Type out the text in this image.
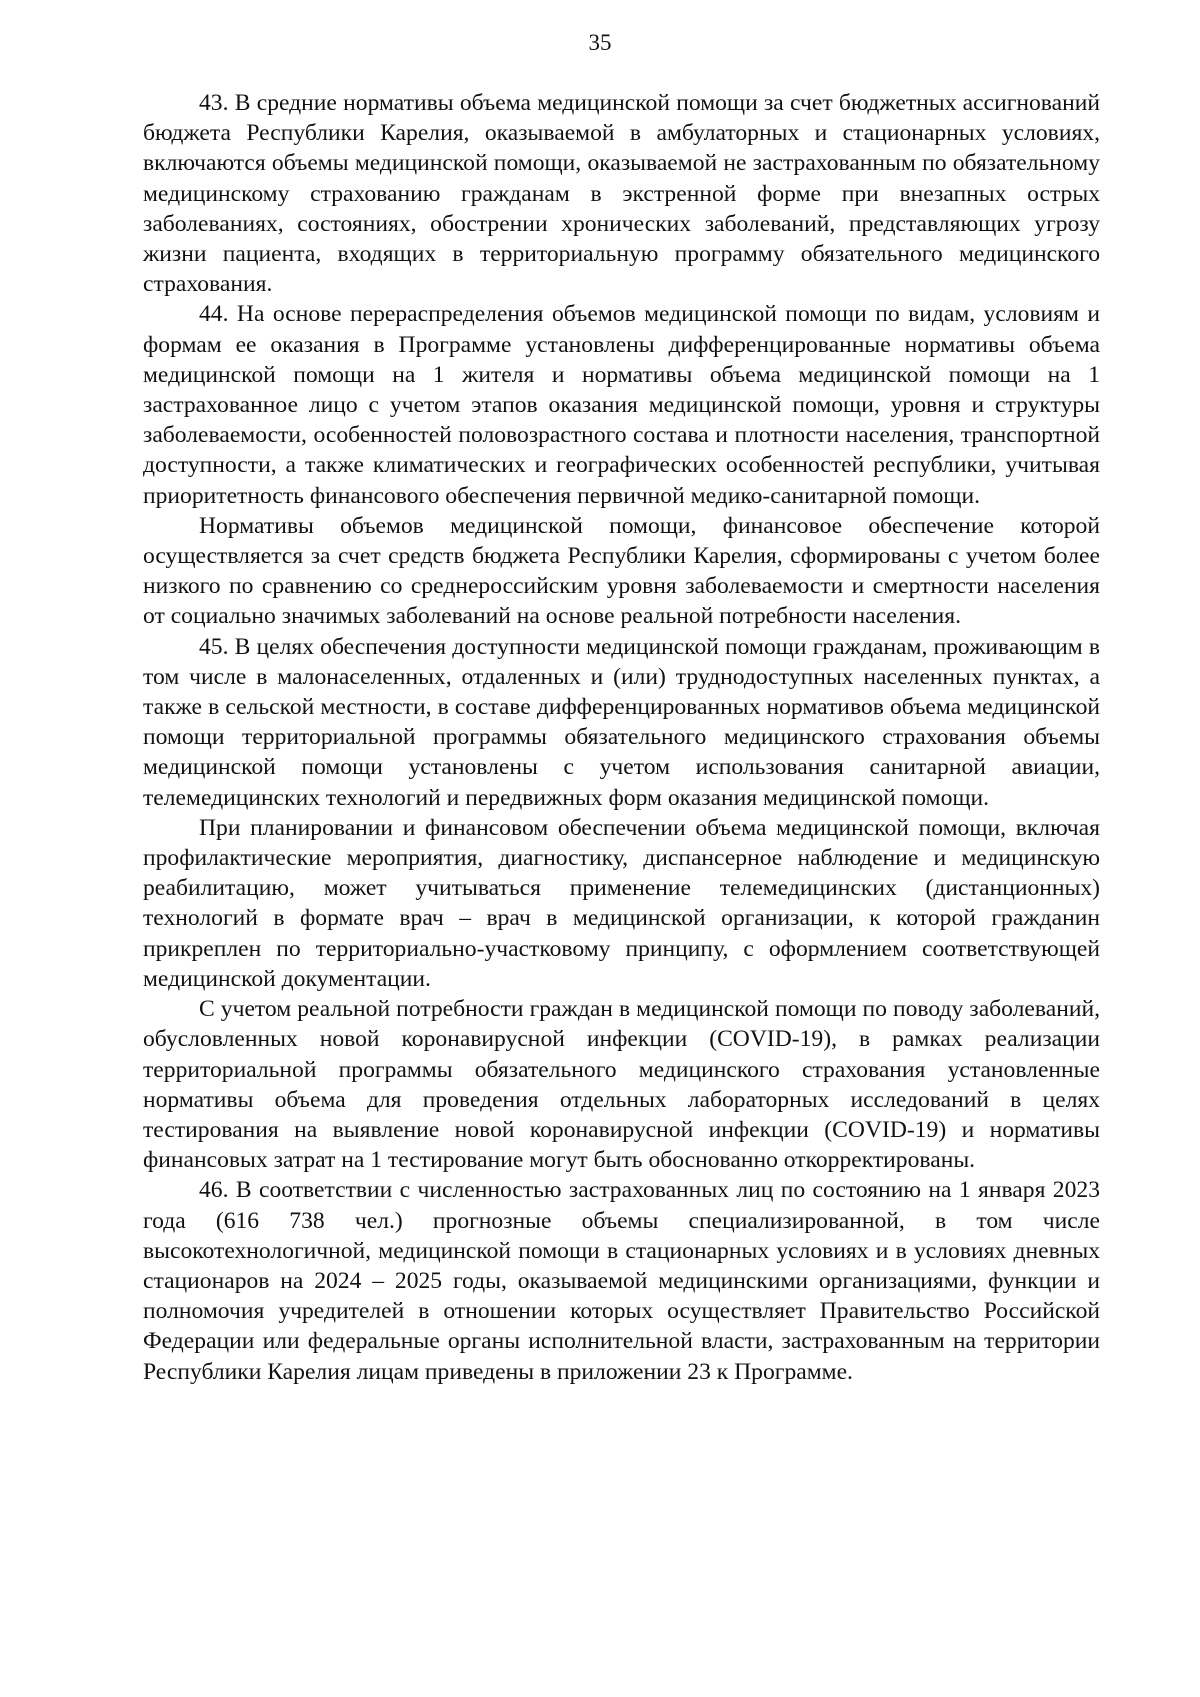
35

43. В средние нормативы объема медицинской помощи за счет бюджетных ассигнований бюджета Республики Карелия, оказываемой в амбулаторных и стационарных условиях, включаются объемы медицинской помощи, оказываемой не застрахованным по обязательному медицинскому страхованию гражданам в экстренной форме при внезапных острых заболеваниях, состояниях, обострении хронических заболеваний, представляющих угрозу жизни пациента, входящих в территориальную программу обязательного медицинского страхования.

44. На основе перераспределения объемов медицинской помощи по видам, условиям и формам ее оказания в Программе установлены дифференцированные нормативы объема медицинской помощи на 1 жителя и нормативы объема медицинской помощи на 1 застрахованное лицо с учетом этапов оказания медицинской помощи, уровня и структуры заболеваемости, особенностей половозрастного состава и плотности населения, транспортной доступности, а также климатических и географических особенностей республики, учитывая приоритетность финансового обеспечения первичной медико-санитарной помощи.

Нормативы объемов медицинской помощи, финансовое обеспечение которой осуществляется за счет средств бюджета Республики Карелия, сформированы с учетом более низкого по сравнению со среднероссийским уровня заболеваемости и смертности населения от социально значимых заболеваний на основе реальной потребности населения.

45. В целях обеспечения доступности медицинской помощи гражданам, проживающим в том числе в малонаселенных, отдаленных и (или) труднодоступных населенных пунктах, а также в сельской местности, в составе дифференцированных нормативов объема медицинской помощи территориальной программы обязательного медицинского страхования объемы медицинской помощи установлены с учетом использования санитарной авиации, телемедицинских технологий и передвижных форм оказания медицинской помощи.

При планировании и финансовом обеспечении объема медицинской помощи, включая профилактические мероприятия, диагностику, диспансерное наблюдение и медицинскую реабилитацию, может учитываться применение телемедицинских (дистанционных) технологий в формате врач – врач в медицинской организации, к которой гражданин прикреплен по территориально-участковому принципу, с оформлением соответствующей медицинской документации.

С учетом реальной потребности граждан в медицинской помощи по поводу заболеваний, обусловленных новой коронавирусной инфекции (COVID-19), в рамках реализации территориальной программы обязательного медицинского страхования установленные нормативы объема для проведения отдельных лабораторных исследований в целях тестирования на выявление новой коронавирусной инфекции (COVID-19) и нормативы финансовых затрат на 1 тестирование могут быть обоснованно откорректированы.

46. В соответствии с численностью застрахованных лиц по состоянию на 1 января 2023 года (616 738 чел.) прогнозные объемы специализированной, в том числе высокотехнологичной, медицинской помощи в стационарных условиях и в условиях дневных стационаров на 2024 – 2025 годы, оказываемой медицинскими организациями, функции и полномочия учредителей в отношении которых осуществляет Правительство Российской Федерации или федеральные органы исполнительной власти, застрахованным на территории Республики Карелия лицам приведены в приложении 23 к Программе.
